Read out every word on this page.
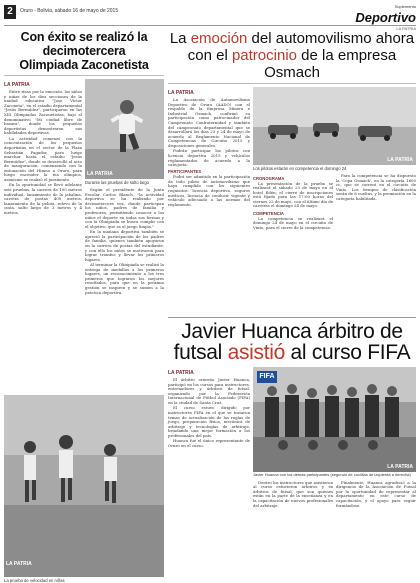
2	Oruro - Bolivia, sábado 16 de mayo de 2015
Suplemento
Deportivo
LA PATRIA
Con éxito se realizó la decimotercera
Olimpiada Zaconetista
LA PATRIA

Entre risas por la emoción, los niños y niñas de los diez secciones de la unidad educativa "Jose Victor Zaconeta", en el estadio departamental "Jesús Bermúdez", participaron en las XIII Olimpiadas Zaconetistas, bajo el denominativo "Mi ciudad libre de basura", donde los pequeños deportistas demostraron sus habilidades deportivas.

La actividad comenzó con la concentración de los pequeños deportistas en el sector de la Plaza Sebastián Pagador, para luego marchar hasta el estadio "Jesús Bermúdez", donde se desarrolló el acto de inauguración, comenzando con la entonación del Himno a Oruro, para luego encender la tea olímpica, asimismo se realizó el juramento.

En la oportunidad se llevó adelante seis pruebas, la carrera de 100 metros individual, lanzamiento de la jabalina, carrera de postas 400 metros, lanzamiento de la pelota, relevo de la cinta, salto largo de 3 metros y 4 metros.

LA PATRIA
Durante las pruebas de salto largo

Según el presidente de la Junta Escolar Carlos Blanch, "la actividad deportiva se ha realizado por decimotercera vez, donde participan los niños, padres de familia y profesores, permitiendo conocer a los niños el deporte en todas sus formas y con la Olimpiada se busca cumplir con el objetivo, que es el juego limpio."

En la mañana deportiva también se apreció la participación de los padres de familia, quienes también apoyaron en la carrera de postas del estudiante, y con ello los niños se motivaron para lograr triunfos y llevar los primeros lugares.

Al terminar la Olimpiada se realizó la entrega de medallas a los primeros lugares, un reconocimiento a los tres primeros que lograron los mejores resultados, para que en la próxima gestión se inspiren y se sumen a la práctica deportiva.

LA PATRIA
La prueba de velocidad en niñas
La emoción del automovilismo ahora
con el patrocinio de la empresa Osmach
LA PATRIA

La Asociación de Automovilismo Deportivo de Oruro (AADO) con el respaldo de la Empresa Minera e Industrial Osmach, confirmó su participación como patrocinador del Campeonato Confraternidad y también del campeonato departamental que se desarrollará los días 23 y 24 de mayo de acuerdo al Reglamento Nacional de Competencias de Circuito 2015 y disposiciones generales.

Podrán participar los pilotos con licencia deportiva 2015 y vehículos reglamentados de acuerdo a la categoría.

PARTICIPANTES

Podrá ser admitido en la participación de todo piloto de automovilismo que haya cumplido con los siguientes requisitos: licencia deportiva, seguros médicos, licencia de conducir vigente y vehículo adecuado a las normas del reglamento.

LA PATRIA
Los pilotos estarán en competencia el domingo 24
CRONOGRAMA

La presentación de la prueba se realizará el sábado 23 de mayo en el hotel Edén; el cierre de inscripciones está fijado para las 17:00 horas del viernes 22 de mayo, con el último día de carreras el domingo 24 de mayo.

COMPETENCIA

La competencia se realizará el domingo 24 de mayo en el circuito de Vinto, para el cierre de la competencia.

Para la competencia se ha dispuesto la 'Copa Osmach', en la categoría 1600 cc, que se correrá en el circuito de Vinto. Los tiempos de clasificación serán de 8 vueltas, y la premiación en la categoría habilitada.

Javier Huanca árbitro de
futsal asistió al curso FIFA
LA PATRIA

El árbitro orureño Javier Huanca, participó en los cursos para instructores, entrenadores y árbitros de futsal, organizado por la Federación Internacional de Fútbol Asociado (FIFA) en la ciudad de Santa Cruz.

El curso estuvo dirigido por instructores FIFA en el que se trataron temas de actualización de las reglas de juego, preparación física, mecánica de arbitraje y tecnologías de arbitraje, brindando una mejor formación a los profesionales del país.

Huanca fue el único representante de Oruro en el curso.

FIFA
LA PATRIA
Javier Huanca con los demás participantes (segundo de cuclillas de izquierda a derecha)

Dentro los instructores que asistieron al curso estuvieron árbitros y ex árbitros de futsal, que son quienes están en la parte de la enseñanza y en la capacitación de nuevos profesionales del arbitraje.

Finalmente, Huanca agradeció a la dirigencia de la Asociación de Futsal por la oportunidad de representar al departamento en este curso de capacitación, y el apoyo para seguir formándose.
